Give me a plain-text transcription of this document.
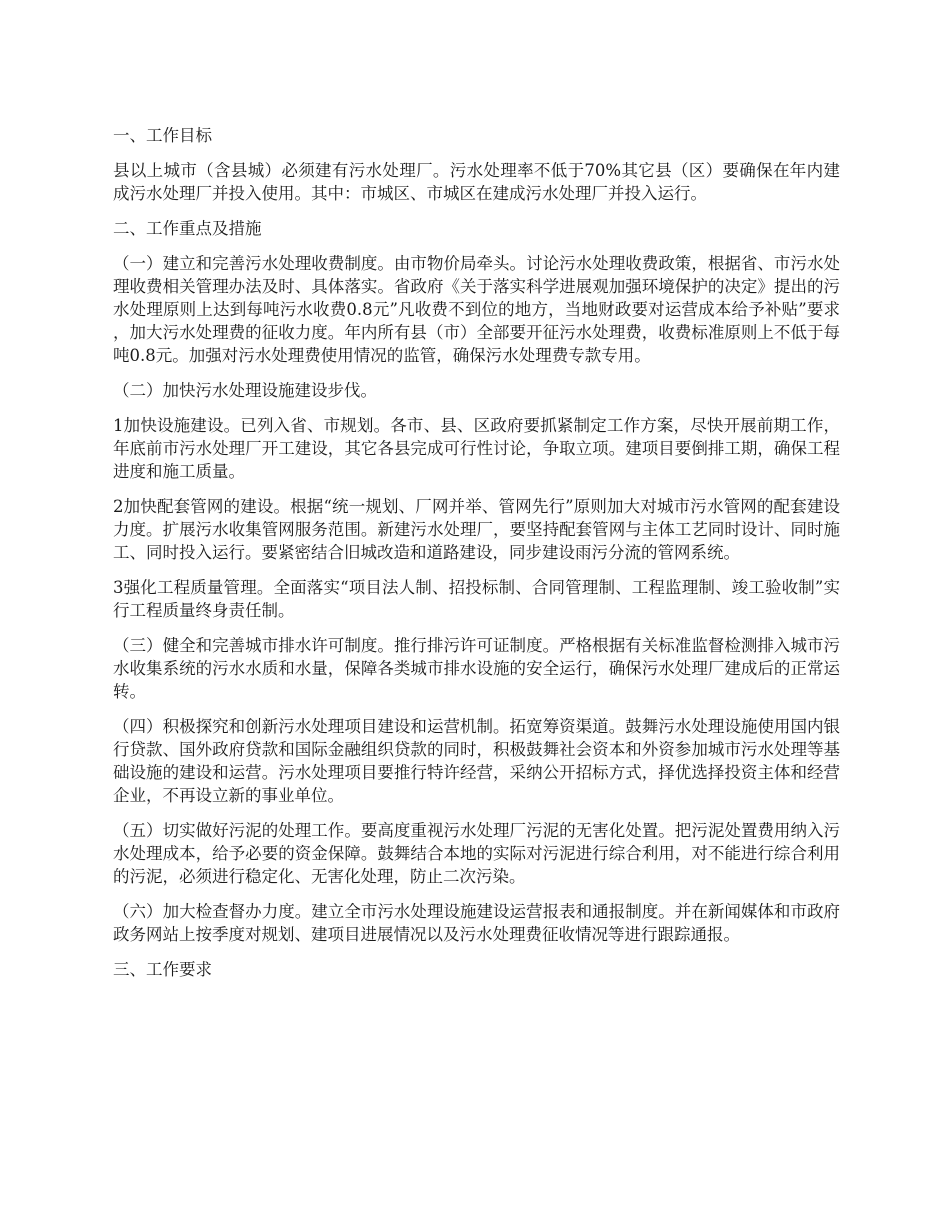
一、工作目标

县以上城市（含县城）必须建有污水处理厂。污水处理率不低于70%其它县（区）要确保在年内建成污水处理厂并投入使用。其中：市城区、市城区在建成污水处理厂并投入运行。

二、工作重点及措施

（一）建立和完善污水处理收费制度。由市物价局牵头。讨论污水处理收费政策，根据省、市污水处理收费相关管理办法及时、具体落实。省政府《关于落实科学进展观加强环境保护的决定》提出的污水处理原则上达到每吨污水收费0.8元”凡收费不到位的地方，当地财政要对运营成本给予补贴”要求，加大污水处理费的征收力度。年内所有县（市）全部要开征污水处理费，收费标准原则上不低于每吨0.8元。加强对污水处理费使用情况的监管，确保污水处理费专款专用。

（二）加快污水处理设施建设步伐。

1加快设施建设。已列入省、市规划。各市、县、区政府要抓紧制定工作方案，尽快开展前期工作，年底前市污水处理厂开工建设，其它各县完成可行性讨论，争取立项。建项目要倒排工期，确保工程进度和施工质量。

2加快配套管网的建设。根据“统一规划、厂网并举、管网先行”原则加大对城市污水管网的配套建设力度。扩展污水收集管网服务范围。新建污水处理厂，要坚持配套管网与主体工艺同时设计、同时施工、同时投入运行。要紧密结合旧城改造和道路建设，同步建设雨污分流的管网系统。

3强化工程质量管理。全面落实“项目法人制、招投标制、合同管理制、工程监理制、竣工验收制”实行工程质量终身责任制。

（三）健全和完善城市排水许可制度。推行排污许可证制度。严格根据有关标准监督检测排入城市污水收集系统的污水水质和水量，保障各类城市排水设施的安全运行，确保污水处理厂建成后的正常运转。

（四）积极探究和创新污水处理项目建设和运营机制。拓宽筹资渠道。鼓舞污水处理设施使用国内银行贷款、国外政府贷款和国际金融组织贷款的同时，积极鼓舞社会资本和外资参加城市污水处理等基础设施的建设和运营。污水处理项目要推行特许经营，采纳公开招标方式，择优选择投资主体和经营企业，不再设立新的事业单位。

（五）切实做好污泥的处理工作。要高度重视污水处理厂污泥的无害化处置。把污泥处置费用纳入污水处理成本，给予必要的资金保障。鼓舞结合本地的实际对污泥进行综合利用，对不能进行综合利用的污泥，必须进行稳定化、无害化处理，防止二次污染。

（六）加大检查督办力度。建立全市污水处理设施建设运营报表和通报制度。并在新闻媒体和市政府政务网站上按季度对规划、建项目进展情况以及污水处理费征收情况等进行跟踪通报。

三、工作要求
